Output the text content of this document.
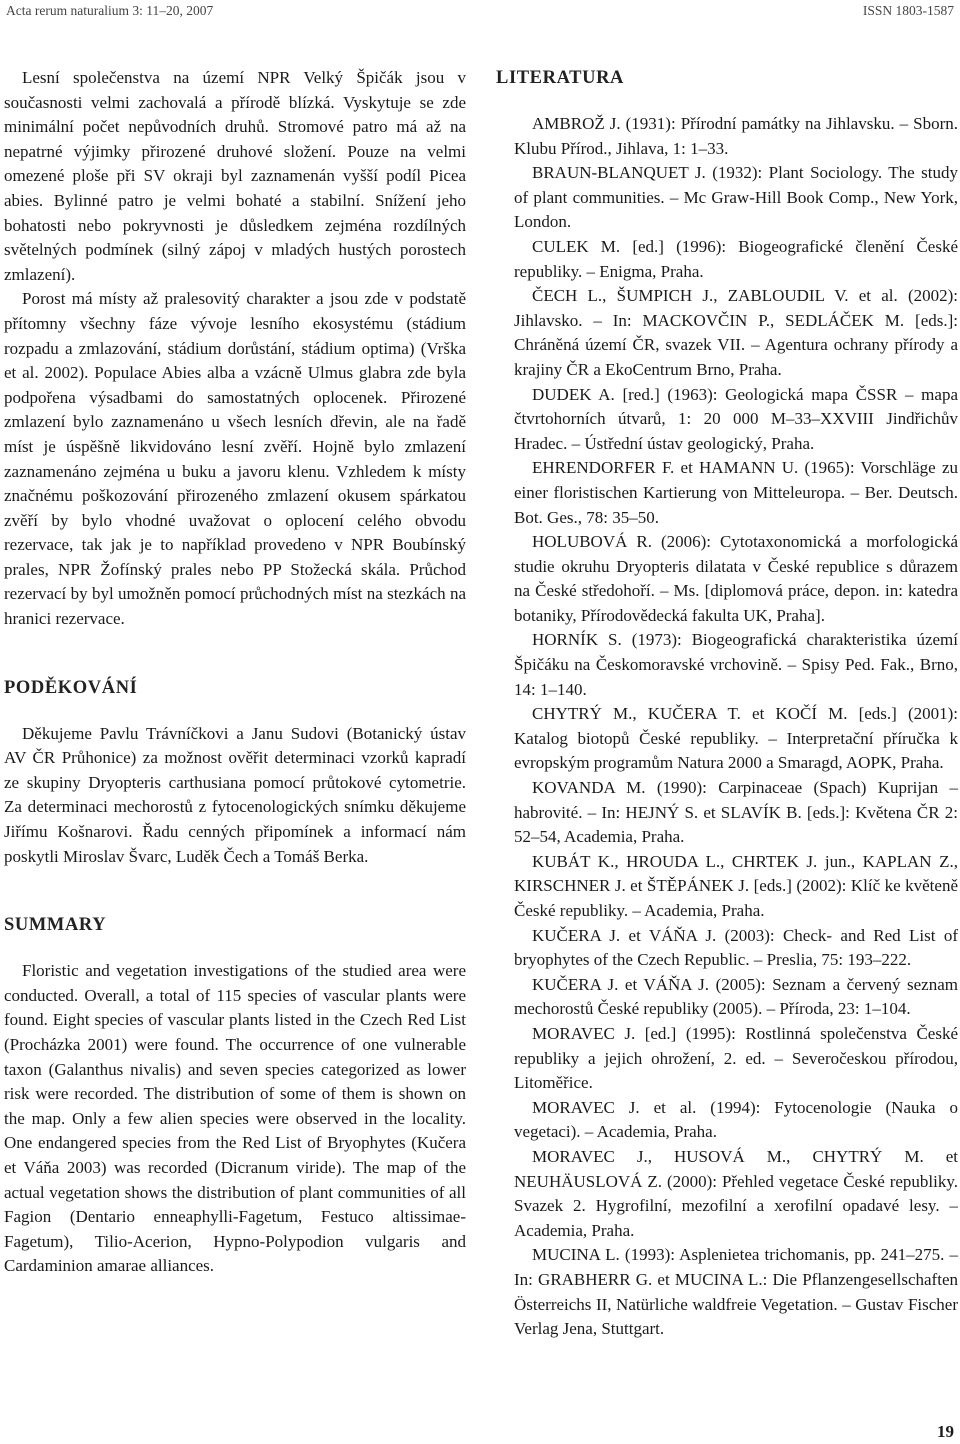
Acta rerum naturalium 3: 11–20, 2007	ISSN 1803-1587

Lesní společenstva na území NPR Velký Špičák jsou v současnosti velmi zachovalá a přírodě blízká. Vyskytuje se zde minimální počet nepůvodních druhů. Stromové patro má až na nepatrné výjimky přirozené druhové složení. Pouze na velmi omezené ploše při SV okraji byl zaznamenán vyšší podíl Picea abies. Bylinné patro je velmi bohaté a stabilní. Snížení jeho bohatosti nebo pokryvnosti je důsledkem zejména rozdílných světelných podmínek (silný zápoj v mladých hustých porostech zmlazení).

Porost má místy až pralesovitý charakter a jsou zde v podstatě přítomny všechny fáze vývoje lesního ekosystému (stádium rozpadu a zmlazování, stádium dorůstání, stádium optima) (Vrška et al. 2002). Populace Abies alba a vzácně Ulmus glabra zde byla podpořena výsadbami do samostatných oplocenek. Přirozené zmlazení bylo zaznamenáno u všech lesních dřevin, ale na řadě míst je úspěšně likvidováno lesní zvěří. Hojně bylo zmlazení zaznamenáno zejména u buku a javoru klenu. Vzhledem k místy značnému poškozování přirozeného zmlazení okusem spárkatou zvěří by bylo vhodné uvažovat o oplocení celého obvodu rezervace, tak jak je to například provedeno v NPR Boubínský prales, NPR Žofínský prales nebo PP Stožecká skála. Průchod rezervací by byl umožněn pomocí průchodných míst na stezkách na hranici rezervace.

PODĚKOVÁNÍ

Děkujeme Pavlu Trávníčkovi a Janu Sudovi (Botanický ústav AV ČR Průhonice) za možnost ověřit determinaci vzorků kapradí ze skupiny Dryopteris carthusiana pomocí průtokové cytometrie. Za determinaci mechorostů z fytocenologických snímku děkujeme Jiřímu Košnarovi. Řadu cenných připomínek a informací nám poskytli Miroslav Švarc, Luděk Čech a Tomáš Berka.

SUMMARY

Floristic and vegetation investigations of the studied area were conducted. Overall, a total of 115 species of vascular plants were found. Eight species of vascular plants listed in the Czech Red List (Procházka 2001) were found. The occurrence of one vulnerable taxon (Galanthus nivalis) and seven species categorized as lower risk were recorded. The distribution of some of them is shown on the map. Only a few alien species were observed in the locality. One endangered species from the Red List of Bryophytes (Kučera et Váňa 2003) was recorded (Dicranum viride). The map of the actual vegetation shows the distribution of plant communities of all Fagion (Dentario enneaphylli-Fagetum, Festuco altissimae-Fagetum), Tilio-Acerion, Hypno-Polypodion vulgaris and Cardaminion amarae alliances.

LITERATURA

AMBROŽ J. (1931): Přírodní památky na Jihlavsku. – Sborn. Klubu Přírod., Jihlava, 1: 1–33.

BRAUN-BLANQUET J. (1932): Plant Sociology. The study of plant communities. – Mc Graw-Hill Book Comp., New York, London.

CULEK M. [ed.] (1996): Biogeografické členění České republiky. – Enigma, Praha.

ČECH L., ŠUMPICH J., ZABLOUDIL V. et al. (2002): Jihlavsko. – In: MACKOVČIN P., SEDLÁČEK M. [eds.]: Chráněná území ČR, svazek VII. – Agentura ochrany přírody a krajiny ČR a EkoCentrum Brno, Praha.

DUDEK A. [red.] (1963): Geologická mapa ČSSR – mapa čtvrtohorních útvarů, 1: 20 000 M–33–XXVIII Jindřichův Hradec. – Ústřední ústav geologický, Praha.

EHRENDORFER F. et HAMANN U. (1965): Vorschläge zu einer floristischen Kartierung von Mitteleuropa. – Ber. Deutsch. Bot. Ges., 78: 35–50.

HOLUBOVÁ R. (2006): Cytotaxonomická a morfologická studie okruhu Dryopteris dilatata v České republice s důrazem na České středohoří. – Ms. [diplomová práce, depon. in: katedra botaniky, Přírodovědecká fakulta UK, Praha].

HORNÍK S. (1973): Biogeografická charakteristika území Špičáku na Českomoravské vrchovině. – Spisy Ped. Fak., Brno, 14: 1–140.

CHYTRÝ M., KUČERA T. et KOČÍ M. [eds.] (2001): Katalog biotopů České republiky. – Interpretační příručka k evropským programům Natura 2000 a Smaragd, AOPK, Praha.

KOVANDA M. (1990): Carpinaceae (Spach) Kuprijan – habrovité. – In: HEJNÝ S. et SLAVÍK B. [eds.]: Květena ČR 2: 52–54, Academia, Praha.

KUBÁT K., HROUDA L., CHRTEK J. jun., KAPLAN Z., KIRSCHNER J. et ŠTĚPÁNEK J. [eds.] (2002): Klíč ke květeně České republiky. – Academia, Praha.

KUČERA J. et VÁŇA J. (2003): Check- and Red List of bryophytes of the Czech Republic. – Preslia, 75: 193–222.

KUČERA J. et VÁŇA J. (2005): Seznam a červený seznam mechorostů České republiky (2005). – Příroda, 23: 1–104.

MORAVEC J. [ed.] (1995): Rostlinná společenstva České republiky a jejich ohrožení, 2. ed. – Severočeskou přírodou, Litoměřice.

MORAVEC J. et al. (1994): Fytocenologie (Nauka o vegetaci). – Academia, Praha.

MORAVEC J., HUSOVÁ M., CHYTRÝ M. et NEUHÄUSLOVÁ Z. (2000): Přehled vegetace České republiky. Svazek 2. Hygrofilní, mezofilní a xerofilní opadavé lesy. – Academia, Praha.

MUCINA L. (1993): Asplenietea trichomanis, pp. 241–275. – In: GRABHERR G. et MUCINA L.: Die Pflanzengesellschaften Österreichs II, Natürliche waldfreie Vegetation. – Gustav Fischer Verlag Jena, Stuttgart.

19
